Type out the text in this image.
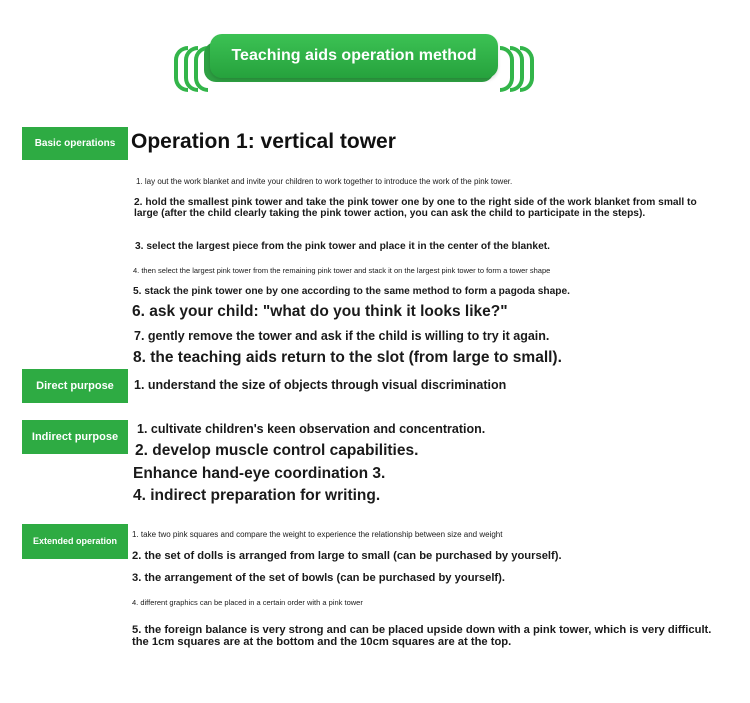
Teaching aids operation method
Basic operations Operation 1: vertical tower

1. lay out the work blanket and invite your children to work together to introduce the work of the pink tower.

2. hold the smallest pink tower and take the pink tower one by one to the right side of the work blanket from small to large (after the child clearly taking the pink tower action, you can ask the child to participate in the steps).

3. select the largest piece from the pink tower and place it in the center of the blanket.

4. then select the largest pink tower from the remaining pink tower and stack it on the largest pink tower to form a tower shape

5. stack the pink tower one by one according to the same method to form a pagoda shape.

6. ask your child: "what do you think it looks like?"

7. gently remove the tower and ask if the child is willing to try it again.

8. the teaching aids return to the slot (from large to small).

Direct purpose	1. understand the size of objects through visual discrimination

Indirect purpose

1. cultivate children's keen observation and concentration.

2. develop muscle control capabilities.

Enhance hand-eye coordination 3.

4. indirect preparation for writing.

Extended operation

1. take two pink squares and compare the weight to experience the relationship between size and weight

2. the set of dolls is arranged from large to small (can be purchased by yourself).

3. the arrangement of the set of bowls (can be purchased by yourself).

4. different graphics can be placed in a certain order with a pink tower

5. the foreign balance is very strong and can be placed upside down with a pink tower, which is very difficult. the 1cm squares are at the bottom and the 10cm squares are at the top.
